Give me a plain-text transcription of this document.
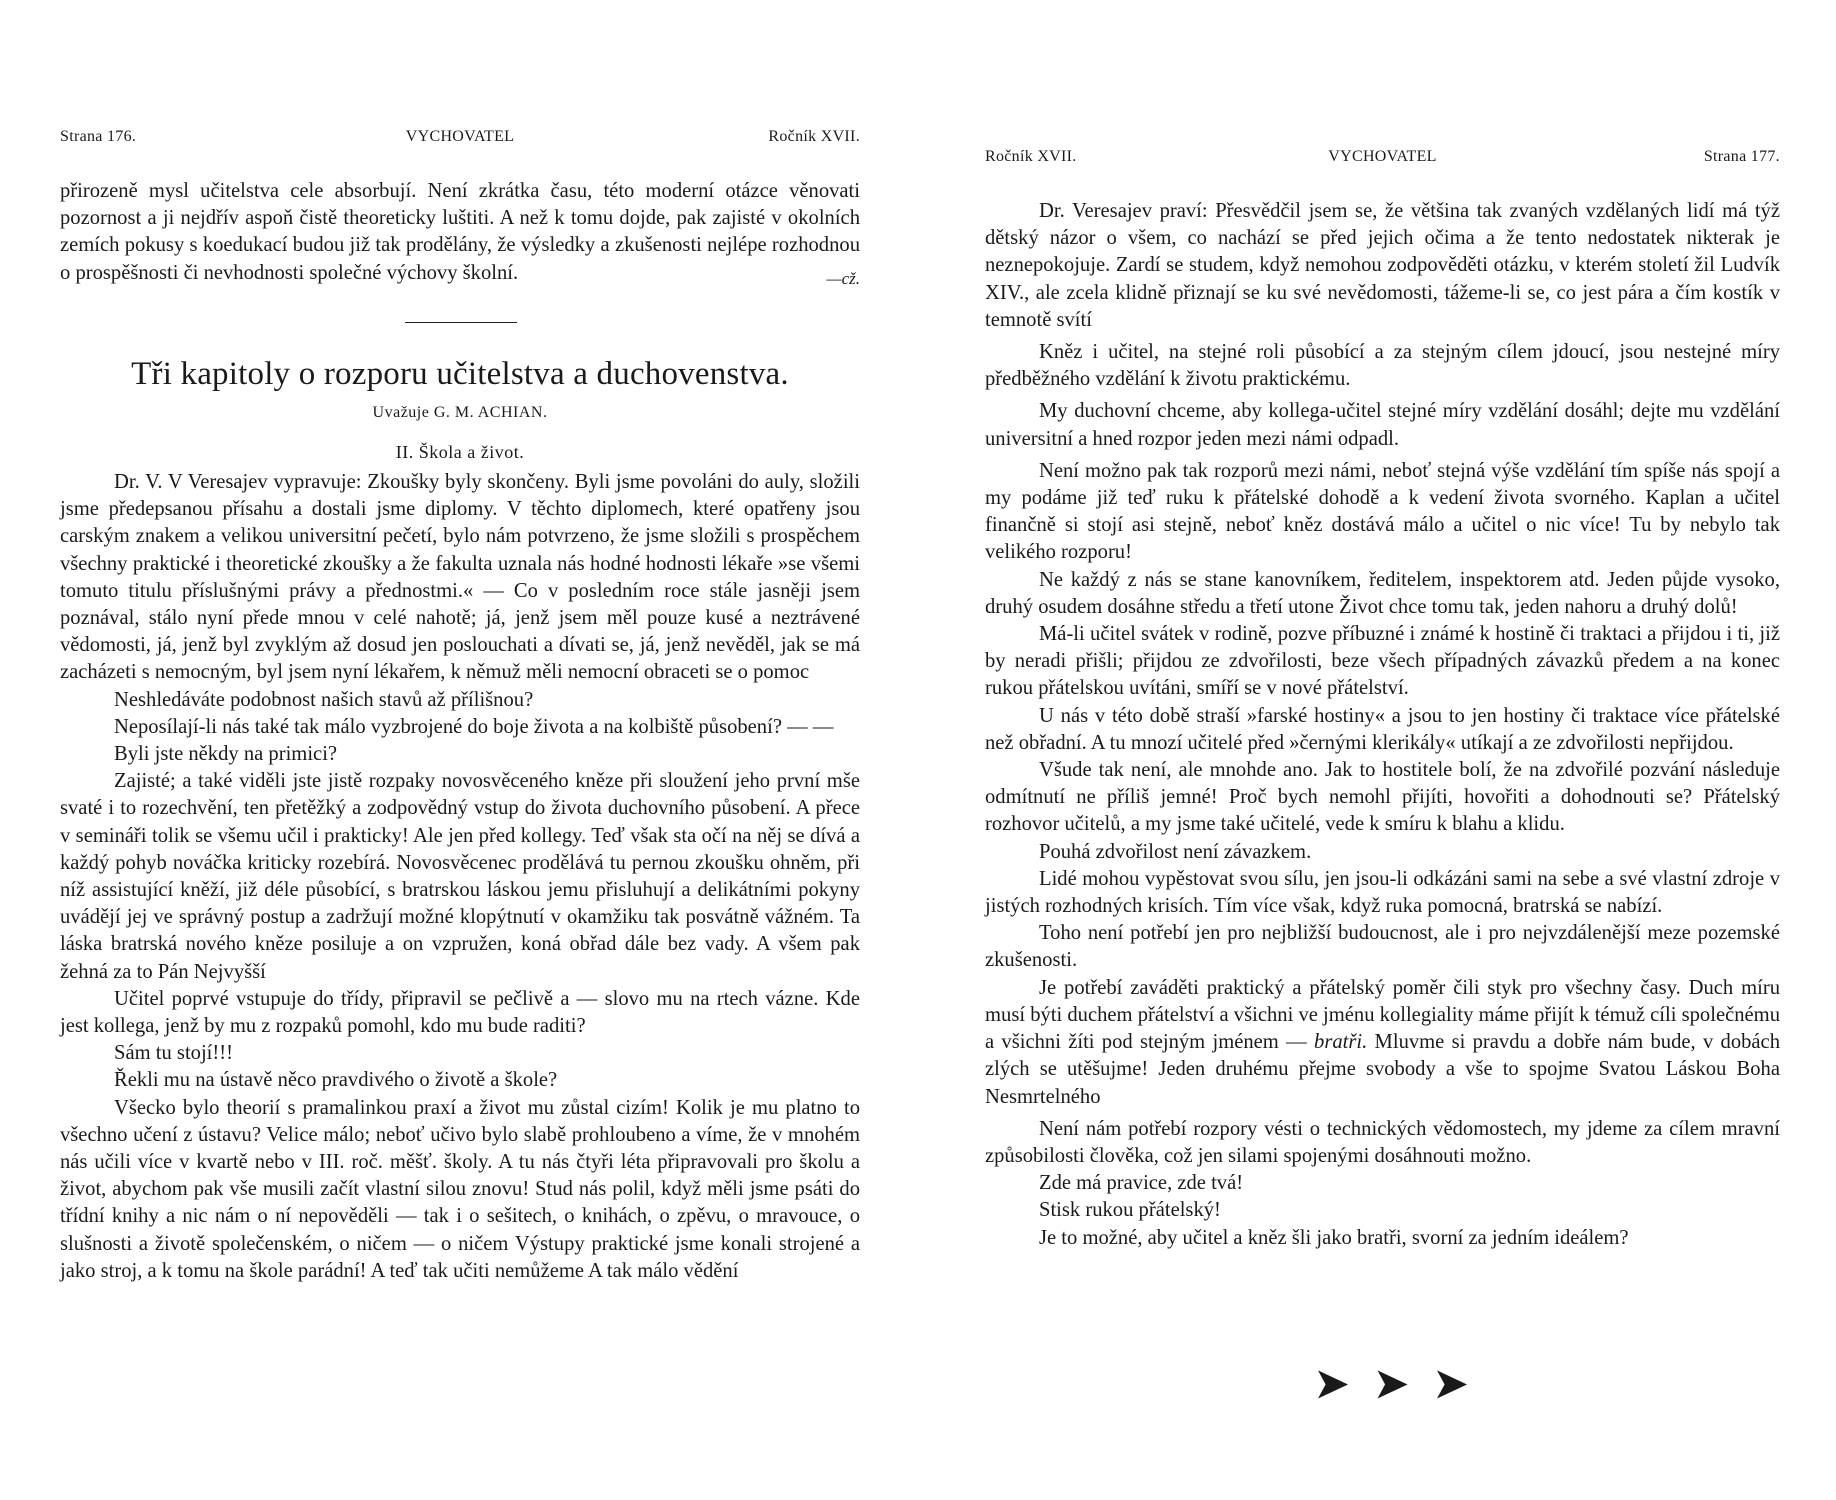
Strana 176.	VYCHOVATEL	Ročník XVII.

přirozeně mysl učitelstva cele absorbují. Není zkrátka času, této moderní otázce věnovati pozornost a ji nejdřív aspoň čistě theoreticky luštiti. A než k tomu dojde, pak zajisté v okolních zemích pokusy s koedukací budou již tak prodělány, že výsledky a zkušenosti nejlépe rozhodnou o prospěšnosti či nevhodnosti společné výchovy školní.	—cž.
Tři kapitoly o rozporu učitelstva a duchovenstva.
Uvažuje G. M. ACHIAN.
II. Škola a život.

Dr. V. V Veresajev vypravuje: Zkoušky byly skončeny. Byli jsme povoláni do auly, složili jsme předepsanou přísahu a dostali jsme diplomy. V těchto diplomech, které opatřeny jsou carským znakem a velikou universitní pečetí, bylo nám potvrzeno, že jsme složili s prospěchem všechny praktické i theoretické zkoušky a že fakulta uznala nás hodné hodnosti lékaře »se všemi tomuto titulu příslušnými právy a přednostmi.« — Co v posledním roce stále jasněji jsem poznával, stálo nyní přede mnou v celé nahotě; já, jenž jsem měl pouze kusé a neztrávené vědomosti, já, jenž byl zvyklým až dosud jen poslouchati a dívati se, já, jenž nevěděl, jak se má zacházeti s nemocným, byl jsem nyní lékařem, k němuž měli nemocní obraceti se o pomoc

Neshledáváte podobnost našich stavů až přílišnou?

Neposílají-li nás také tak málo vyzbrojené do boje života a na kolbiště působení? — —

Byli jste někdy na primici?

Zajisté; a také viděli jste jistě rozpaky novosvěceného kněze při sloužení jeho první mše svaté i to rozechvění, ten přetěžký a zodpovědný vstup do života duchovního působení. A přece v semináři tolik se všemu učil i prakticky! Ale jen před kollegy. Teď však sta očí na něj se dívá a každý pohyb nováčka kriticky rozebírá. Novosvěcenec prodělává tu pernou zkoušku ohněm, při níž assistující kněží, již déle působící, s bratrskou láskou jemu přisluhují a delikátními pokyny uvádějí jej ve správný postup a zadržují možné klopýtnutí v okamžiku tak posvátně vážném. Ta láska bratrská nového kněze posiluje a on vzpružen, koná obřad dále bez vady. A všem pak žehná za to Pán Nejvyšší

Učitel poprvé vstupuje do třídy, připravil se pečlivě a — slovo mu na rtech vázne. Kde jest kollega, jenž by mu z rozpaků pomohl, kdo mu bude raditi?

Sám tu stojí!!!

Řekli mu na ústavě něco pravdivého o životě a škole?

Všecko bylo theorií s pramalinkou praxí a život mu zůstal cizím! Kolik je mu platno to všechno učení z ústavu? Velice málo; neboť učivo bylo slabě prohloubeno a víme, že v mnohém nás učili více v kvartě nebo v III. roč. měšť. školy. A tu nás čtyři léta připravovali pro školu a život, abychom pak vše musili začít vlastní silou znovu! Stud nás polil, když měli jsme psáti do třídní knihy a nic nám o ní nepověděli — tak i o sešitech, o knihách, o zpěvu, o mravouce, o slušnosti a životě společenském, o ničem — o ničem Výstupy praktické jsme konali strojené a jako stroj, a k tomu na škole parádní! A teď tak učiti nemůžeme A tak málo vědění

Ročník XVII.	VYCHOVATEL	Strana 177.

Dr. Veresajev praví: Přesvědčil jsem se, že většina tak zvaných vzdělaných lidí má týž dětský názor o všem, co nachází se před jejich očima a že tento nedostatek nikterak je neznepokojuje. Zardí se studem, když nemohou zodpověděti otázku, v kterém století žil Ludvík XIV., ale zcela klidně přiznají se ku své nevědomosti, tážeme-li se, co jest pára a čím kostík v temnotě svítí

Kněz i učitel, na stejné roli působící a za stejným cílem jdoucí, jsou nestejné míry předběžného vzdělání k životu praktickému.

My duchovní chceme, aby kollega-učitel stejné míry vzdělání dosáhl; dejte mu vzdělání universitní a hned rozpor jeden mezi námi odpadl.

Není možno pak tak rozporů mezi námi, neboť stejná výše vzdělání tím spíše nás spojí a my podáme již teď ruku k přátelské dohodě a k vedení života svorného. Kaplan a učitel finančně si stojí asi stejně, neboť kněz dostává málo a učitel o nic více! Tu by nebylo tak velikého rozporu!

Ne každý z nás se stane kanovníkem, ředitelem, inspektorem atd. Jeden půjde vysoko, druhý osudem dosáhne středu a třetí utone Život chce tomu tak, jeden nahoru a druhý dolů!

Má-li učitel svátek v rodině, pozve příbuzné i známé k hostině či traktaci a přijdou i ti, již by neradi přišli; přijdou ze zdvořilosti, beze všech případných závazků předem a na konec rukou přátelskou uvítáni, smíří se v nové přátelství.

U nás v této době straší »farské hostiny« a jsou to jen hostiny či traktace více přátelské než obřadní. A tu mnozí učitelé před »černými klerikály« utíkají a ze zdvořilosti nepřijdou.

Všude tak není, ale mnohde ano. Jak to hostitele bolí, že na zdvořilé pozvání následuje odmítnutí ne příliš jemné! Proč bych nemohl přijíti, hovořiti a dohodnouti se? Přátelský rozhovor učitelů, a my jsme také učitelé, vede k smíru k blahu a klidu.

Pouhá zdvořilost není závazkem.

Lidé mohou vypěstovat svou sílu, jen jsou-li odkázáni sami na sebe a své vlastní zdroje v jistých rozhodných krisích. Tím více však, když ruka pomocná, bratrská se nabízí.

Toho není potřebí jen pro nejbližší budoucnost, ale i pro nejvzdálenější meze pozemské zkušenosti.

Je potřebí zaváděti praktický a přátelský poměr čili styk pro všechny časy. Duch míru musí býti duchem přátelství a všichni ve jménu kollegiality máme přijít k témuž cíli společnému a všichni žíti pod stejným jménem — bratři. Mluvme si pravdu a dobře nám bude, v dobách zlých se utěšujme! Jeden druhému přejme svobody a vše to spojme Svatou Láskou Boha Nesmrtelného

Není nám potřebí rozpory vésti o technických vědomostech, my jdeme za cílem mravní způsobilosti člověka, což jen silami spojenými dosáhnouti možno.

Zde má pravice, zde tvá!

Stisk rukou přátelský!

Je to možné, aby učitel a kněz šli jako bratři, svorní za jedním ideálem?

➤➤➤
